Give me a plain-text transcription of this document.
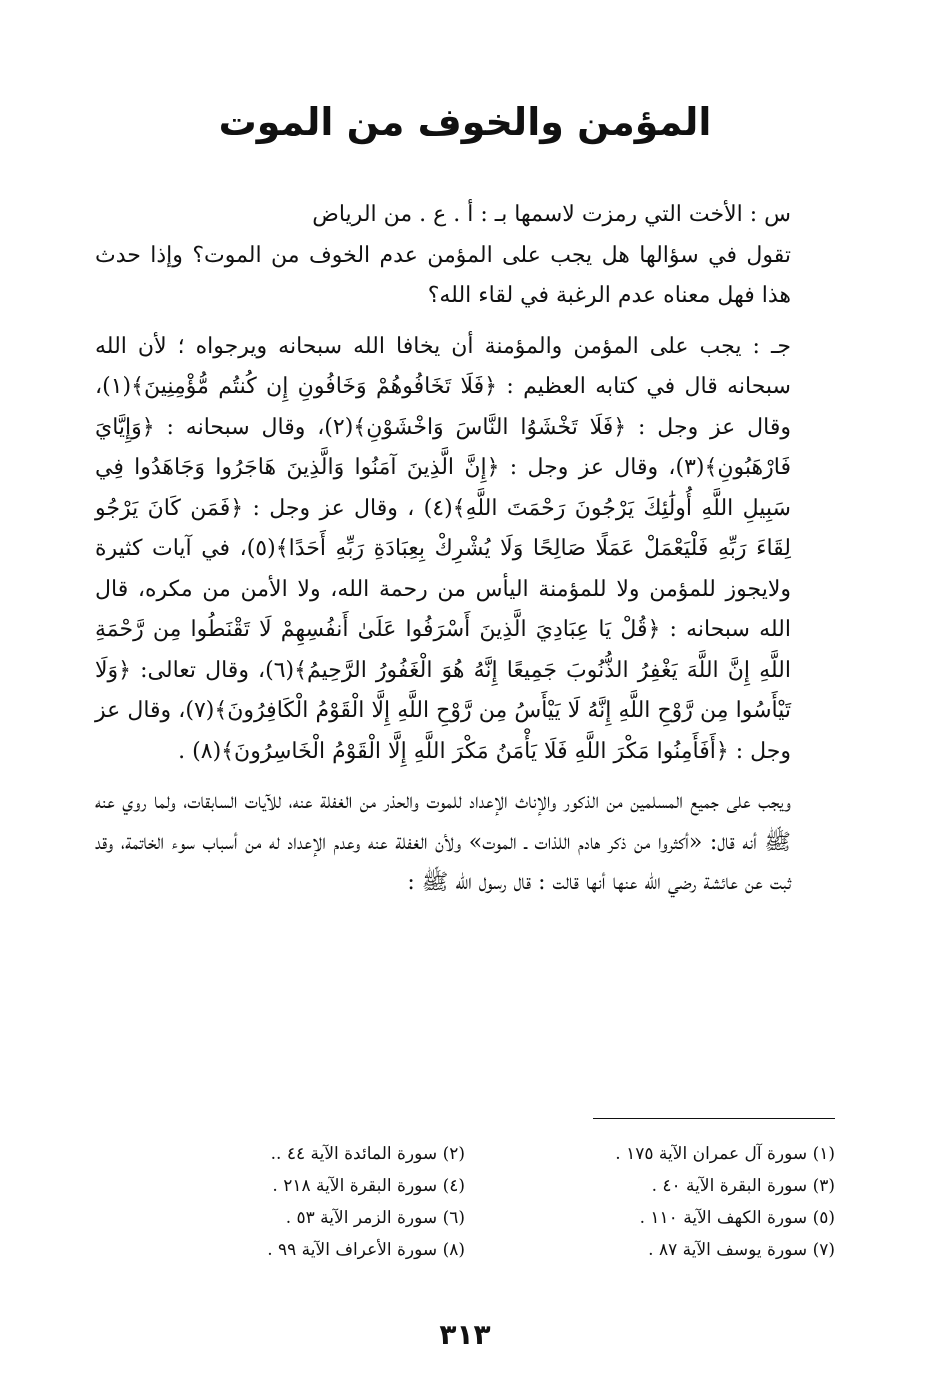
المؤمن والخوف من الموت

س : الأخت التي رمزت لاسمها بـ : أ . ع . من الرياض

تقول في سؤالها هل يجب على المؤمن عدم الخوف من الموت؟ وإذا حدث هذا فهل معناه عدم الرغبة في لقاء الله؟

جـ : يجب على المؤمن والمؤمنة أن يخافا الله سبحانه ويرجواه ؛ لأن الله سبحانه قال في كتابه العظيم : ﴿فَلَا تَخَافُوهُمْ وَخَافُونِ إِن كُنتُم مُّؤْمِنِينَ﴾(١)، وقال عز وجل : ﴿فَلَا تَخْشَوُا النَّاسَ وَاخْشَوْنِ﴾(٢)، وقال سبحانه : ﴿وَإِيَّايَ فَارْهَبُونِ﴾(٣)، وقال عز وجل : ﴿إِنَّ الَّذِينَ آمَنُوا وَالَّذِينَ هَاجَرُوا وَجَاهَدُوا فِي سَبِيلِ اللَّهِ أُولَٰئِكَ يَرْجُونَ رَحْمَتَ اللَّهِ﴾(٤) ، وقال عز وجل : ﴿فَمَن كَانَ يَرْجُو لِقَاءَ رَبِّهِ فَلْيَعْمَلْ عَمَلًا صَالِحًا وَلَا يُشْرِكْ بِعِبَادَةِ رَبِّهِ أَحَدًا﴾(٥)، في آيات كثيرة ولايجوز للمؤمن ولا للمؤمنة اليأس من رحمة الله، ولا الأمن من مكره، قال الله سبحانه : ﴿قُلْ يَا عِبَادِيَ الَّذِينَ أَسْرَفُوا عَلَىٰ أَنفُسِهِمْ لَا تَقْنَطُوا مِن رَّحْمَةِ اللَّهِ إِنَّ اللَّهَ يَغْفِرُ الذُّنُوبَ جَمِيعًا إِنَّهُ هُوَ الْغَفُورُ الرَّحِيمُ﴾(٦)، وقال تعالى: ﴿وَلَا تَيْأَسُوا مِن رَّوْحِ اللَّهِ إِنَّهُ لَا يَيْأَسُ مِن رَّوْحِ اللَّهِ إِلَّا الْقَوْمُ الْكَافِرُونَ﴾(٧)، وقال عز وجل : ﴿أَفَأَمِنُوا مَكْرَ اللَّهِ فَلَا يَأْمَنُ مَكْرَ اللَّهِ إِلَّا الْقَوْمُ الْخَاسِرُونَ﴾(٨) .

ويجب على جميع المسلمين من الذكور والإناث الإعداد للموت والحذر من الغفلة عنه، للآيات السابقات، ولما روي عنه ﷺ أنه قال: «أكثروا من ذكر هادم اللذات ـ الموت» ولأن الغفلة عنه وعدم الإعداد له من أسباب سوء الخاتمة، وقد ثبت عن عائشة رضي الله عنها أنها قالت : قال رسول الله ﷺ :

(١) سورة آل عمران الآية ١٧٥ .
(٢) سورة المائدة الآية ٤٤ ..
(٣) سورة البقرة الآية ٤٠ .
(٤) سورة البقرة الآية ٢١٨ .
(٥) سورة الكهف الآية ١١٠ .
(٦) سورة الزمر الآية ٥٣ .
(٧) سورة يوسف الآية ٨٧ .
(٨) سورة الأعراف الآية ٩٩ .
٣١٣
